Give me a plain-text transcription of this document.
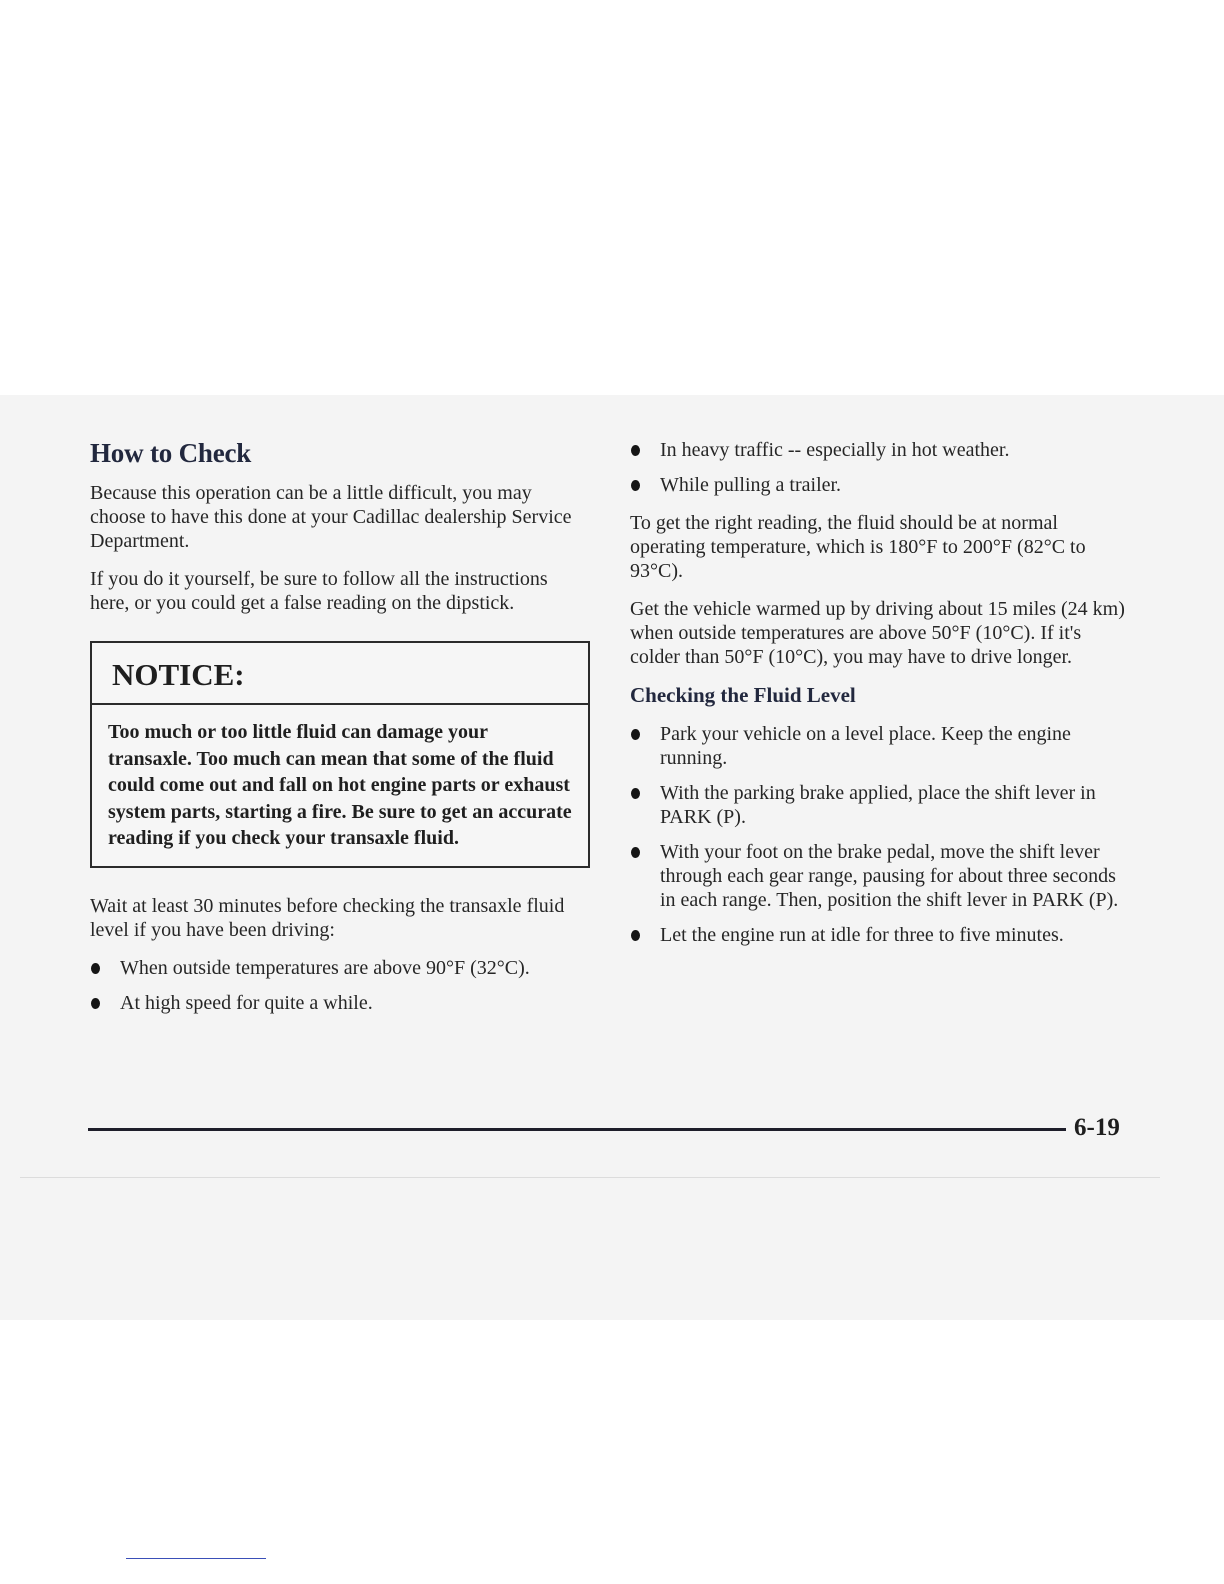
How to Check

Because this operation can be a little difficult, you may choose to have this done at your Cadillac dealership Service Department.

If you do it yourself, be sure to follow all the instructions here, or you could get a false reading on the dipstick.

NOTICE:
Too much or too little fluid can damage your transaxle. Too much can mean that some of the fluid could come out and fall on hot engine parts or exhaust system parts, starting a fire. Be sure to get an accurate reading if you check your transaxle fluid.

Wait at least 30 minutes before checking the transaxle fluid level if you have been driving:

When outside temperatures are above 90°F (32°C).
At high speed for quite a while.
In heavy traffic -- especially in hot weather.
While pulling a trailer.

To get the right reading, the fluid should be at normal operating temperature, which is 180°F to 200°F (82°C to 93°C).

Get the vehicle warmed up by driving about 15 miles (24 km) when outside temperatures are above 50°F (10°C). If it's colder than 50°F (10°C), you may have to drive longer.

Checking the Fluid Level
Park your vehicle on a level place. Keep the engine running.
With the parking brake applied, place the shift lever in PARK (P).
With your foot on the brake pedal, move the shift lever through each gear range, pausing for about three seconds in each range. Then, position the shift lever in PARK (P).
Let the engine run at idle for three to five minutes.
6-19
